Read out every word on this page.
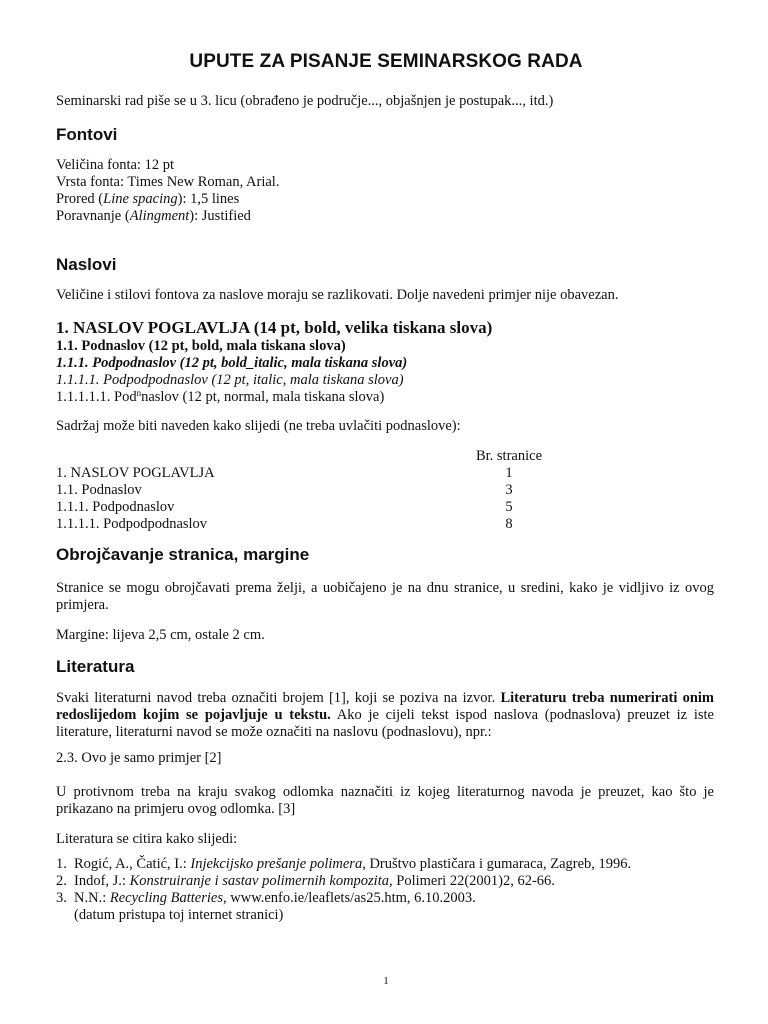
UPUTE ZA PISANJE SEMINARSKOG RADA

Seminarski rad piše se u 3. licu (obrađeno je područje..., objašnjen je postupak..., itd.)

Fontovi
Veličina fonta: 12 pt
Vrsta fonta: Times New Roman, Arial.
Prored (Line spacing): 1,5 lines
Poravnanje (Alingment): Justified
Naslovi

Veličine i stilovi fontova za naslove moraju se razlikovati. Dolje navedeni primjer nije obavezan.

1. NASLOV POGLAVLJA (14 pt, bold, velika tiskana slova)
1.1. Podnaslov (12 pt, bold, mala tiskana slova)
1.1.1. Podpodnaslov (12 pt, bold_italic, mala tiskana slova)
1.1.1.1. Podpodpodnaslov (12 pt, italic, mala tiskana slova)
1.1.1.1.1. Pod$^n$naslov (12 pt, normal, mala tiskana slova)

Sadržaj može biti naveden kako slijedi (ne treba uvlačiti podnaslove):

	Br. stranice
1. NASLOV POGLAVLJA	1
1.1. Podnaslov	3
1.1.1. Podpodnaslov	5
1.1.1.1. Podpodpodnaslov	8
Obrojčavanje stranica, margine

Stranice se mogu obrojčavati prema želji, a uobičajeno je na dnu stranice, u sredini, kako je vidljivo iz ovog primjera.

Margine: lijeva 2,5 cm, ostale 2 cm.

Literatura

Svaki literaturni navod treba označiti brojem [1], koji se poziva na izvor. Literaturu treba numerirati onim redoslijedom kojim se pojavljuje u tekstu. Ako je cijeli tekst ispod naslova (podnaslova) preuzet iz iste literature, literaturni navod se može označiti na naslovu (podnaslovu), npr.:

2.3. Ovo je samo primjer [2]

U protivnom treba na kraju svakog odlomka naznačiti iz kojeg literaturnog navoda je preuzet, kao što je prikazano na primjeru ovog odlomka. [3]

Literatura se citira kako slijedi:

1. Rogić, A., Čatić, I.: Injekcijsko prešanje polimera, Društvo plastičara i gumaraca, Zagreb, 1996.
2. Indof, J.: Konstruiranje i sastav polimernih kompozita, Polimeri 22(2001)2, 62-66.
3. N.N.: Recycling Batteries, www.enfo.ie/leaflets/as25.htm, 6.10.2003. (datum pristupa toj internet stranici)
1
